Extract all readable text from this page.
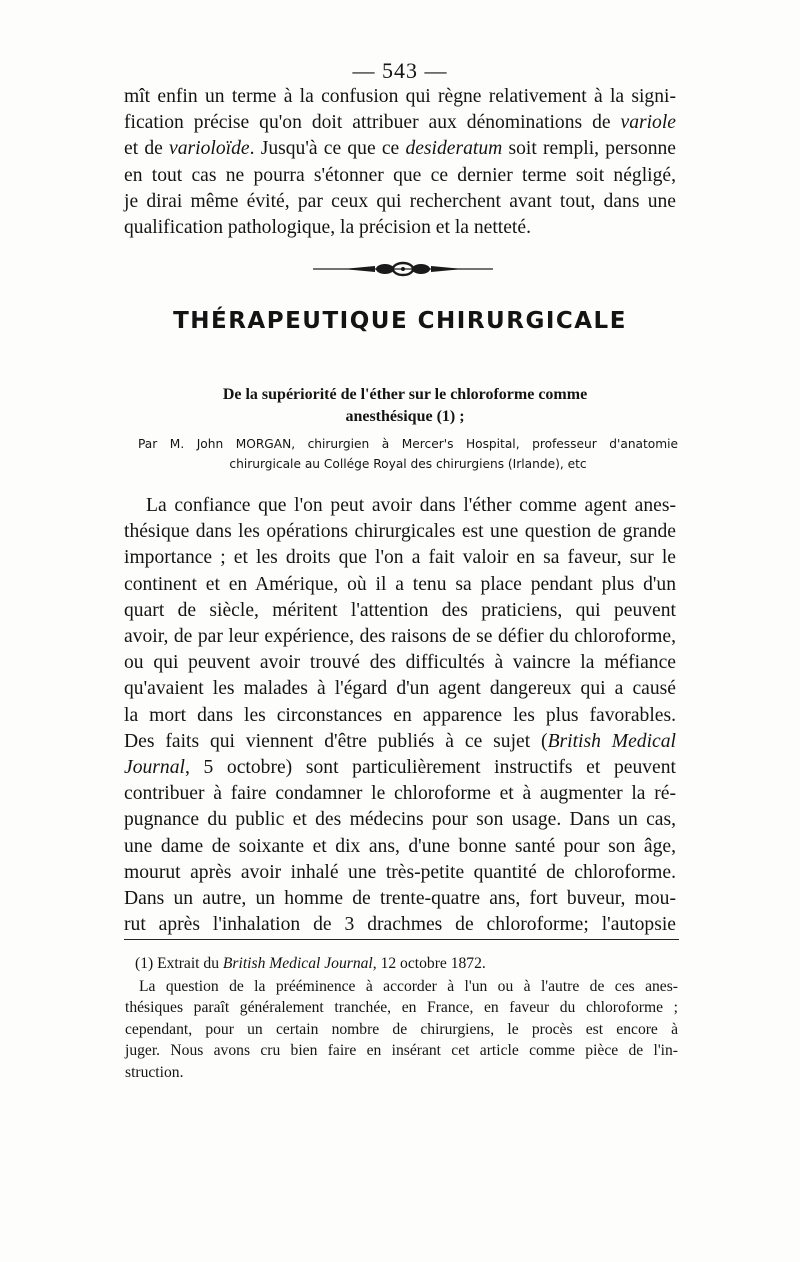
— 543 —
mît enfin un terme à la confusion qui règne relativement à la signi-
fication précise qu'on doit attribuer aux dénominations de variole
et de varioloïde. Jusqu'à ce que ce desideratum soit rempli, personne
en tout cas ne pourra s'étonner que ce dernier terme soit négligé,
je dirai même évité, par ceux qui recherchent avant tout, dans une
qualification pathologique, la précision et la netteté.
THÉRAPEUTIQUE CHIRURGICALE
De la supériorité de l'éther sur le chloroforme comme
anesthésique (1) ;
Par M. John MORGAN, chirurgien à Mercer's Hospital, professeur d'anatomie
chirurgicale au Collége Royal des chirurgiens (Irlande), etc
La confiance que l'on peut avoir dans l'éther comme agent anes-
thésique dans les opérations chirurgicales est une question de grande
importance ; et les droits que l'on a fait valoir en sa faveur, sur le
continent et en Amérique, où il a tenu sa place pendant plus d'un
quart de siècle, méritent l'attention des praticiens, qui peuvent
avoir, de par leur expérience, des raisons de se défier du chloroforme,
ou qui peuvent avoir trouvé des difficultés à vaincre la méfiance
qu'avaient les malades à l'égard d'un agent dangereux qui a causé
la mort dans les circonstances en apparence les plus favorables.
Des faits qui viennent d'être publiés à ce sujet (British Medical
Journal, 5 octobre) sont particulièrement instructifs et peuvent
contribuer à faire condamner le chloroforme et à augmenter la ré-
pugnance du public et des médecins pour son usage. Dans un cas,
une dame de soixante et dix ans, d'une bonne santé pour son âge,
mourut après avoir inhalé une très-petite quantité de chloroforme.
Dans un autre, un homme de trente-quatre ans, fort buveur, mou-
rut après l'inhalation de 3 drachmes de chloroforme; l'autopsie
(1) Extrait du British Medical Journal, 12 octobre 1872.
La question de la prééminence à accorder à l'un ou à l'autre de ces anes-
thésiques paraît généralement tranchée, en France, en faveur du chloroforme ;
cependant, pour un certain nombre de chirurgiens, le procès est encore à
juger. Nous avons cru bien faire en insérant cet article comme pièce de l'in-
struction.
